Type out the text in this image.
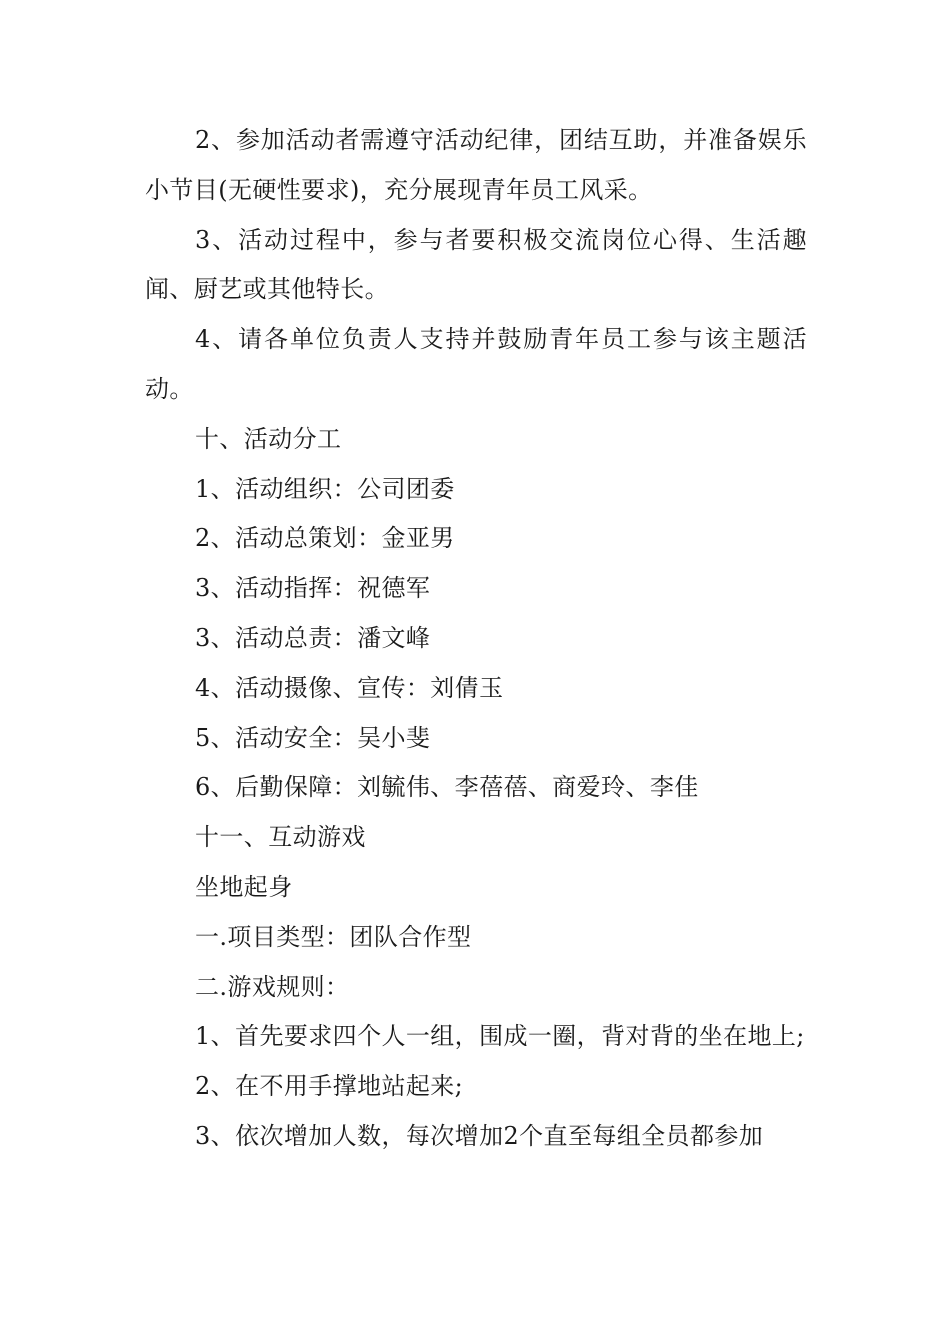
2、参加活动者需遵守活动纪律，团结互助，并准备娱乐小节目(无硬性要求)，充分展现青年员工风采。

3、活动过程中，参与者要积极交流岗位心得、生活趣闻、厨艺或其他特长。

4、请各单位负责人支持并鼓励青年员工参与该主题活动。

十、活动分工

1、活动组织：公司团委

2、活动总策划：金亚男

3、活动指挥：祝德军

3、活动总责：潘文峰

4、活动摄像、宣传：刘倩玉

5、活动安全：吴小斐

6、后勤保障：刘毓伟、李蓓蓓、商爱玲、李佳

十一、互动游戏

坐地起身

一.项目类型：团队合作型

二.游戏规则：

1、首先要求四个人一组，围成一圈，背对背的坐在地上;

2、在不用手撑地站起来;

3、依次增加人数，每次增加2个直至每组全员都参加
